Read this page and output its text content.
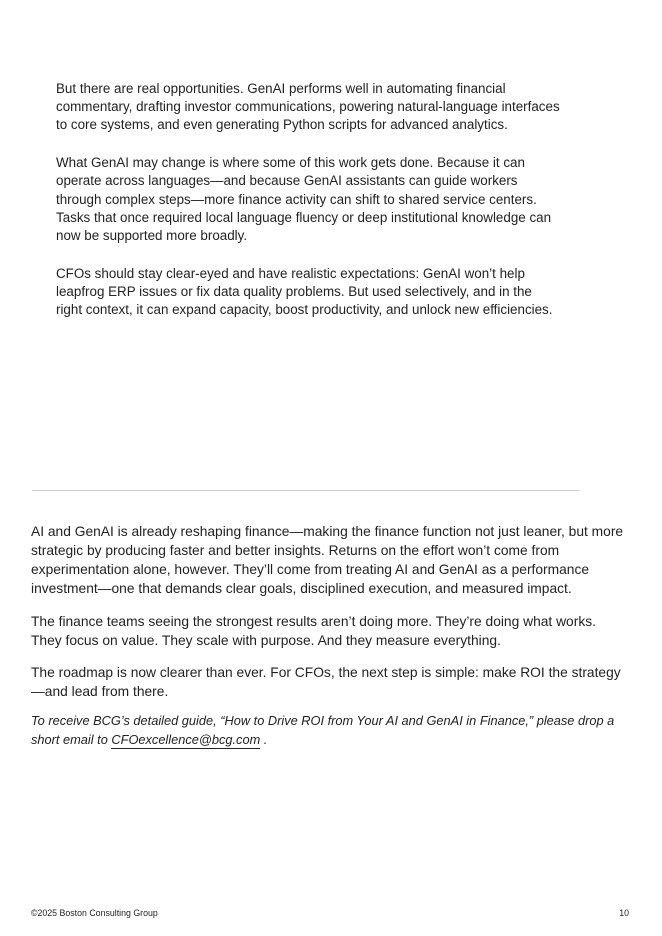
But there are real opportunities. GenAI performs well in automating financial commentary, drafting investor communications, powering natural-language interfaces to core systems, and even generating Python scripts for advanced analytics.

What GenAI may change is where some of this work gets done. Because it can operate across languages—and because GenAI assistants can guide workers through complex steps—more finance activity can shift to shared service centers. Tasks that once required local language fluency or deep institutional knowledge can now be supported more broadly.

CFOs should stay clear-eyed and have realistic expectations: GenAI won’t help leapfrog ERP issues or fix data quality problems. But used selectively, and in the right context, it can expand capacity, boost productivity, and unlock new efficiencies.

AI and GenAI is already reshaping finance—making the finance function not just leaner, but more strategic by producing faster and better insights. Returns on the effort won’t come from experimentation alone, however. They’ll come from treating AI and GenAI as a performance investment—one that demands clear goals, disciplined execution, and measured impact.

The finance teams seeing the strongest results aren’t doing more. They’re doing what works. They focus on value. They scale with purpose. And they measure everything.

The roadmap is now clearer than ever. For CFOs, the next step is simple: make ROI the strategy—and lead from there.

To receive BCG’s detailed guide, “How to Drive ROI from Your AI and GenAI in Finance,” please drop a short email to CFOexcellence@bcg.com .
©2025 Boston Consulting Group	10
